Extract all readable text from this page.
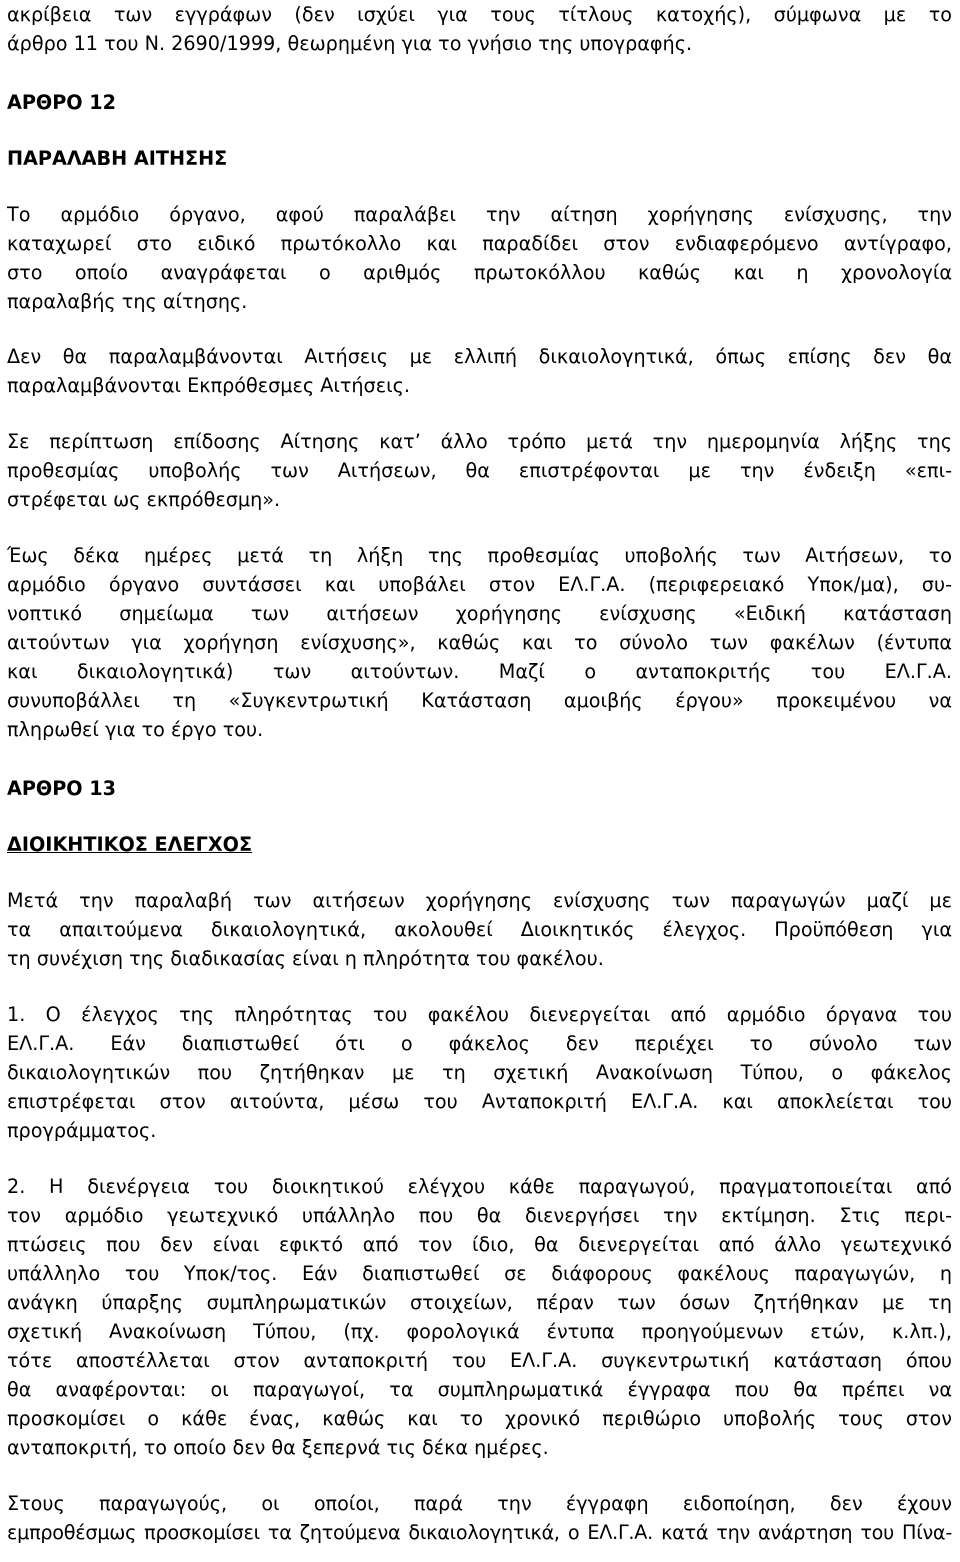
ακρίβεια των εγγράφων (δεν ισχύει για τους τίτλους κατοχής), σύμφωνα με το
άρθρο 11 του Ν. 2690/1999, θεωρημένη για το γνήσιο της υπογραφής.
ΑΡΘΡΟ 12
ΠΑΡΑΛΑΒΗ ΑΙΤΗΣΗΣ
Το αρμόδιο όργανο, αφού παραλάβει την αίτηση χορήγησης ενίσχυσης, την
καταχωρεί στο ειδικό πρωτόκολλο και παραδίδει στον ενδιαφερόμενο αντίγραφο,
στο οποίο αναγράφεται ο αριθμός πρωτοκόλλου καθώς και η χρονολογία
παραλαβής της αίτησης.
Δεν θα παραλαμβάνονται Αιτήσεις με ελλιπή δικαιολογητικά, όπως επίσης δεν θα
παραλαμβάνονται Εκπρόθεσμες Αιτήσεις.
Σε περίπτωση επίδοσης Αίτησης κατ’ άλλο τρόπο μετά την ημερομηνία λήξης της
προθεσμίας υποβολής των Αιτήσεων, θα επιστρέφονται με την ένδειξη «επι-
στρέφεται ως εκπρόθεσμη».
Έως δέκα ημέρες μετά τη λήξη της προθεσμίας υποβολής των Αιτήσεων, το
αρμόδιο όργανο συντάσσει και υποβάλει στον ΕΛ.Γ.Α. (περιφερειακό Υποκ/μα), συ-
νοπτικό σημείωμα των αιτήσεων χορήγησης ενίσχυσης «Ειδική κατάσταση
αιτούντων για χορήγηση ενίσχυσης», καθώς και το σύνολο των φακέλων (έντυπα
και δικαιολογητικά) των αιτούντων. Μαζί ο ανταποκριτής του ΕΛ.Γ.Α.
συνυποβάλλει τη «Συγκεντρωτική Κατάσταση αμοιβής έργου» προκειμένου να
πληρωθεί για το έργο του.
ΑΡΘΡΟ 13
ΔΙΟΙΚΗΤΙΚΟΣ ΕΛΕΓΧΟΣ
Μετά την παραλαβή των αιτήσεων χορήγησης ενίσχυσης των παραγωγών μαζί με
τα απαιτούμενα δικαιολογητικά, ακολουθεί Διοικητικός έλεγχος. Προϋπόθεση για
τη συνέχιση της διαδικασίας είναι η πληρότητα του φακέλου.
1. Ο έλεγχος της πληρότητας του φακέλου διενεργείται από αρμόδιο όργανα του
ΕΛ.Γ.Α. Εάν διαπιστωθεί ότι ο φάκελος δεν περιέχει το σύνολο των
δικαιολογητικών που ζητήθηκαν με τη σχετική Ανακοίνωση Τύπου, ο φάκελος
επιστρέφεται στον αιτούντα, μέσω του Ανταποκριτή ΕΛ.Γ.Α. και αποκλείεται του
προγράμματος.
2. Η διενέργεια του διοικητικού ελέγχου κάθε παραγωγού, πραγματοποιείται από
τον αρμόδιο γεωτεχνικό υπάλληλο που θα διενεργήσει την εκτίμηση. Στις περι-
πτώσεις που δεν είναι εφικτό από τον ίδιο, θα διενεργείται από άλλο γεωτεχνικό
υπάλληλο του Υποκ/τος. Εάν διαπιστωθεί σε διάφορους φακέλους παραγωγών, η
ανάγκη ύπαρξης συμπληρωματικών στοιχείων, πέραν των όσων ζητήθηκαν με τη
σχετική Ανακοίνωση Τύπου, (πχ. φορολογικά έντυπα προηγούμενων ετών, κ.λπ.),
τότε αποστέλλεται στον ανταποκριτή του ΕΛ.Γ.Α. συγκεντρωτική κατάσταση όπου
θα αναφέρονται: οι παραγωγοί, τα συμπληρωματικά έγγραφα που θα πρέπει να
προσκομίσει ο κάθε ένας, καθώς και το χρονικό περιθώριο υποβολής τους στον
ανταποκριτή, το οποίο δεν θα ξεπερνά τις δέκα ημέρες.
Στους παραγωγούς, οι οποίοι, παρά την έγγραφη ειδοποίηση, δεν έχουν
εμπροθέσμως προσκομίσει τα ζητούμενα δικαιολογητικά, ο ΕΛ.Γ.Α. κατά την ανάρτηση του Πίνα-
